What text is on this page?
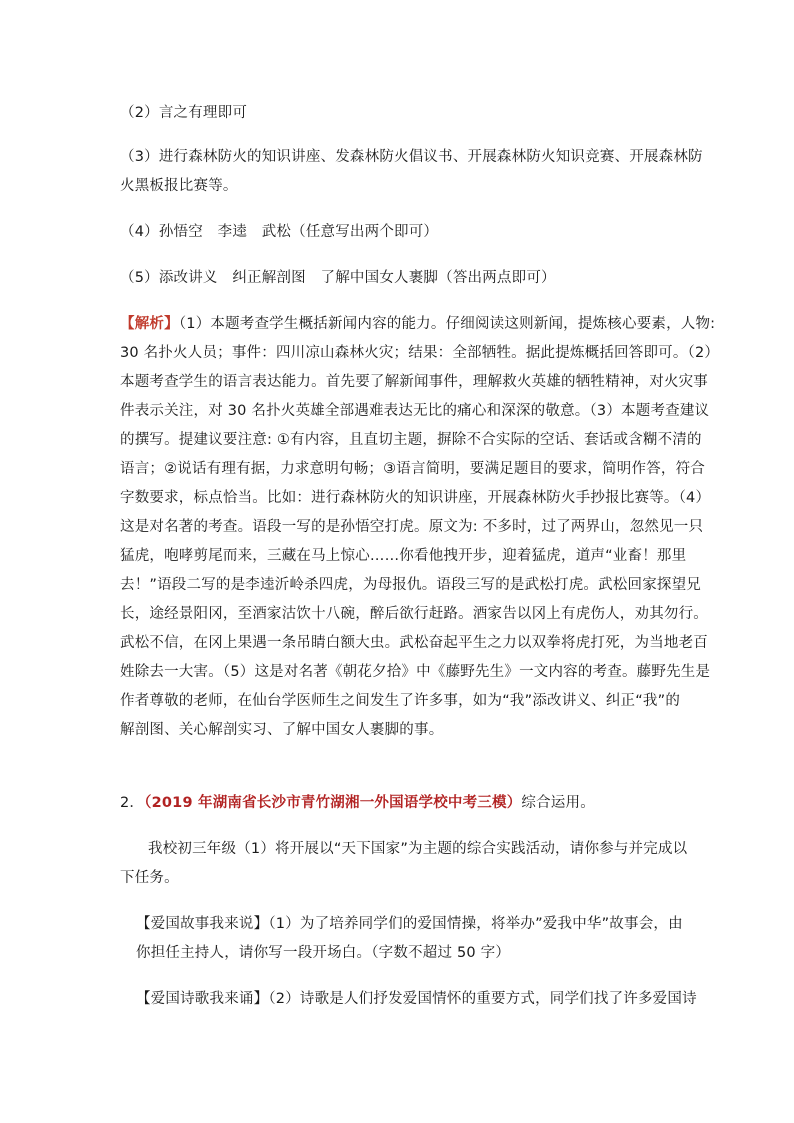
（2）言之有理即可
（3）进行森林防火的知识讲座、发森林防火倡议书、开展森林防火知识竞赛、开展森林防
火黑板报比赛等。
（4）孙悟空　李逵　武松（任意写出两个即可）
（5）添改讲义　纠正解剖图　了解中国女人裹脚（答出两点即可）
【解析】（1）本题考查学生概括新闻内容的能力。仔细阅读这则新闻，提炼核心要素，人物:
30 名扑火人员；事件：四川凉山森林火灾；结果：全部牺牲。据此提炼概括回答即可。（2）
本题考查学生的语言表达能力。首先要了解新闻事件，理解救火英雄的牺牲精神，对火灾事
件表示关注，对 30 名扑火英雄全部遇难表达无比的痛心和深深的敬意。（3）本题考查建议
的撰写。提建议要注意: ①有内容，且直切主题，摒除不合实际的空话、套话或含糊不清的
语言；②说话有理有据，力求意明句畅；③语言简明，要满足题目的要求，简明作答，符合
字数要求，标点恰当。比如：进行森林防火的知识讲座，开展森林防火手抄报比赛等。（4）
这是对名著的考查。语段一写的是孙悟空打虎。原文为: 不多时，过了两界山，忽然见一只
猛虎，咆哮剪尾而来，三藏在马上惊心……你看他拽开步，迎着猛虎，道声“业畜！那里
去！”语段二写的是李逵沂岭杀四虎，为母报仇。语段三写的是武松打虎。武松回家探望兄
长，途经景阳冈，至酒家沽饮十八碗，醉后欲行赶路。酒家告以冈上有虎伤人，劝其勿行。
武松不信，在冈上果遇一条吊睛白额大虫。武松奋起平生之力以双拳将虎打死，为当地老百
姓除去一大害。（5）这是对名著《朝花夕拾》中《藤野先生》一文内容的考查。藤野先生是
作者尊敬的老师，在仙台学医师生之间发生了许多事，如为“我”添改讲义、纠正“我”的
解剖图、关心解剖实习、了解中国女人裹脚的事。
2．（2019 年湖南省长沙市青竹湖湘一外国语学校中考三模）综合运用。
我校初三年级（1）将开展以“天下国家”为主题的综合实践活动，请你参与并完成以
下任务。
【爱国故事我来说】（1）为了培养同学们的爱国情操，将举办”爱我中华”故事会，由
你担任主持人，请你写一段开场白。（字数不超过 50 字）
【爱国诗歌我来诵】（2）诗歌是人们抒发爱国情怀的重要方式，同学们找了许多爱国诗
